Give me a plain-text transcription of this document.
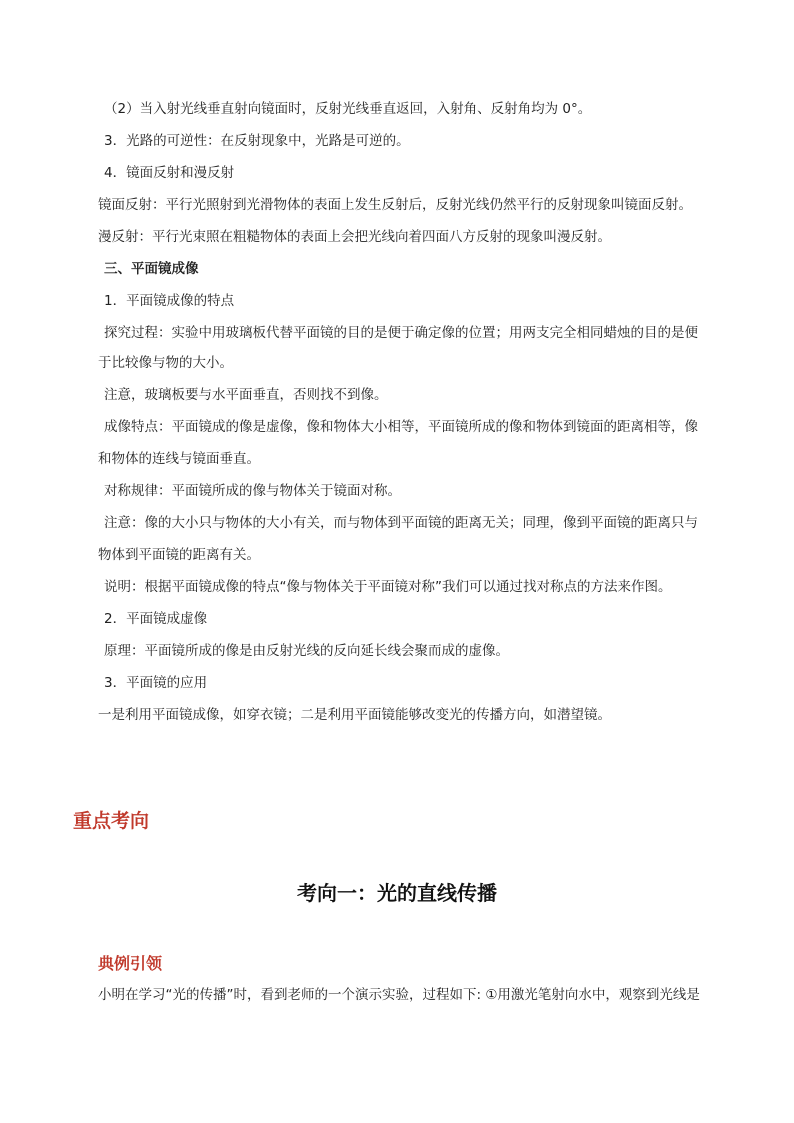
（2）当入射光线垂直射向镜面时，反射光线垂直返回，入射角、反射角均为 0°。
3．光路的可逆性：在反射现象中，光路是可逆的。
4．镜面反射和漫反射
镜面反射：平行光照射到光滑物体的表面上发生反射后，反射光线仍然平行的反射现象叫镜面反射。
漫反射：平行光束照在粗糙物体的表面上会把光线向着四面八方反射的现象叫漫反射。
三、平面镜成像
1．平面镜成像的特点
探究过程：实验中用玻璃板代替平面镜的目的是便于确定像的位置；用两支完全相同蜡烛的目的是便
于比较像与物的大小。
注意，玻璃板要与水平面垂直，否则找不到像。
成像特点：平面镜成的像是虚像，像和物体大小相等，平面镜所成的像和物体到镜面的距离相等，像
和物体的连线与镜面垂直。
对称规律：平面镜所成的像与物体关于镜面对称。
注意：像的大小只与物体的大小有关，而与物体到平面镜的距离无关；同理，像到平面镜的距离只与
物体到平面镜的距离有关。
说明：根据平面镜成像的特点“像与物体关于平面镜对称”我们可以通过找对称点的方法来作图。
2．平面镜成虚像
原理：平面镜所成的像是由反射光线的反向延长线会聚而成的虚像。
3．平面镜的应用
一是利用平面镜成像，如穿衣镜；二是利用平面镜能够改变光的传播方向，如潜望镜。
重点考向
考向一：光的直线传播
典例引领
小明在学习“光的传播”时，看到老师的一个演示实验，过程如下: ①用激光笔射向水中，观察到光线是
